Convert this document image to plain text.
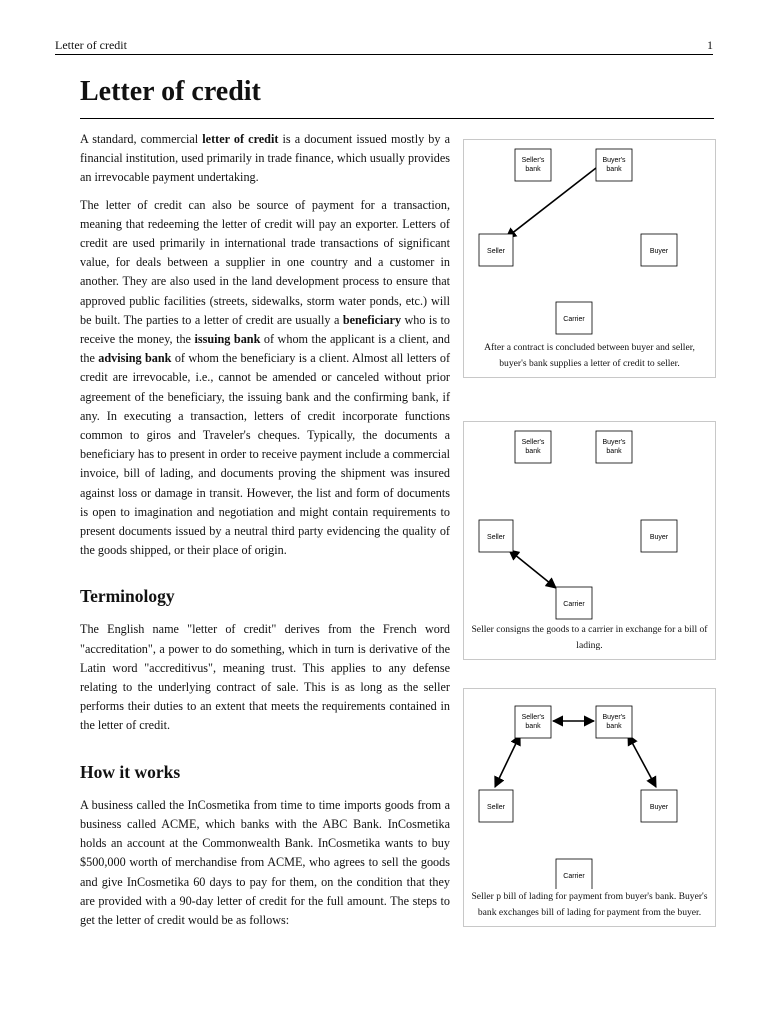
Letter of credit	1
Letter of credit

A standard, commercial letter of credit is a document issued mostly by a financial institution, used primarily in trade finance, which usually provides an irrevocable payment undertaking.

The letter of credit can also be source of payment for a transaction, meaning that redeeming the letter of credit will pay an exporter. Letters of credit are used primarily in international trade transactions of significant value, for deals between a supplier in one country and a customer in another. They are also used in the land development process to ensure that approved public facilities (streets, sidewalks, storm water ponds, etc.) will be built. The parties to a letter of credit are usually a beneficiary who is to receive the money, the issuing bank of whom the applicant is a client, and the advising bank of whom the beneficiary is a client. Almost all letters of credit are irrevocable, i.e., cannot be amended or canceled without prior agreement of the beneficiary, the issuing bank and the confirming bank, if any. In executing a transaction, letters of credit incorporate functions common to giros and Traveler's cheques. Typically, the documents a beneficiary has to present in order to receive payment include a commercial invoice, bill of lading, and documents proving the shipment was insured against loss or damage in transit. However, the list and form of documents is open to imagination and negotiation and might contain requirements to present documents issued by a neutral third party evidencing the quality of the goods shipped, or their place of origin.

Terminology

The English name "letter of credit" derives from the French word "accreditation", a power to do something, which in turn is derivative of the Latin word "accreditivus", meaning trust. This applies to any defense relating to the underlying contract of sale. This is as long as the seller performs their duties to an extent that meets the requirements contained in the letter of credit.

How it works

A business called the InCosmetika from time to time imports goods from a business called ACME, which banks with the ABC Bank. InCosmetika holds an account at the Commonwealth Bank. InCosmetika wants to buy $500,000 worth of merchandise from ACME, who agrees to sell the goods and give InCosmetika 60 days to pay for them, on the condition that they are provided with a 90-day letter of credit for the full amount. The steps to get the letter of credit would be as follows:

Seller's
bank
Buyer's
bank
Seller	Buyer
Carrier
After a contract is concluded between buyer and seller, buyer's bank supplies a letter of credit to seller.
Seller's
bank
Buyer's
bank
Seller	Buyer
Carrier
Seller consigns the goods to a carrier in exchange for a bill of lading.
Seller's
bank
Buyer's
bank
Seller	Buyer
Carrier
Seller p bill of lading for payment from buyer's bank. Buyer's bank exchanges bill of lading for payment from the buyer.
